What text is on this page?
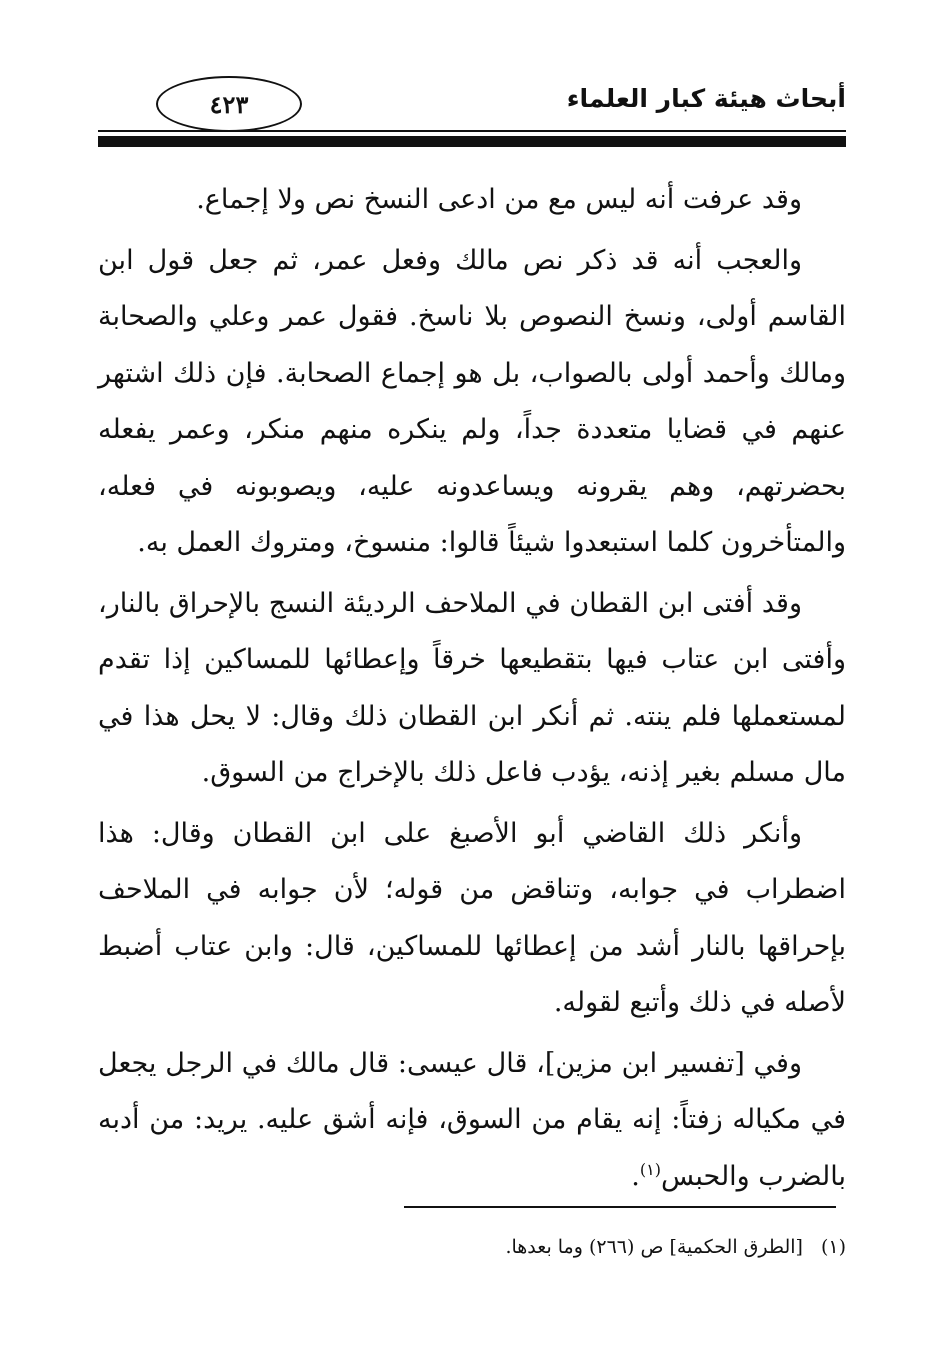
٤٢٣	أبحاث هيئة كبار العلماء

وقد عرفت أنه ليس مع من ادعى النسخ نص ولا إجماع.

والعجب أنه قد ذكر نص مالك وفعل عمر، ثم جعل قول ابن القاسم أولى، ونسخ النصوص بلا ناسخ. فقول عمر وعلي والصحابة ومالك وأحمد أولى بالصواب، بل هو إجماع الصحابة. فإن ذلك اشتهر عنهم في قضايا متعددة جداً، ولم ينكره منهم منكر، وعمر يفعله بحضرتهم، وهم يقرونه ويساعدونه عليه، ويصوبونه في فعله، والمتأخرون كلما استبعدوا شيئاً قالوا: منسوخ، ومتروك العمل به.

وقد أفتى ابن القطان في الملاحف الرديئة النسج بالإحراق بالنار، وأفتى ابن عتاب فيها بتقطيعها خرقاً وإعطائها للمساكين إذا تقدم لمستعملها فلم ينته. ثم أنكر ابن القطان ذلك وقال: لا يحل هذا في مال مسلم بغير إذنه، يؤدب فاعل ذلك بالإخراج من السوق.

وأنكر ذلك القاضي أبو الأصبغ على ابن القطان وقال: هذا اضطراب في جوابه، وتناقض من قوله؛ لأن جوابه في الملاحف بإحراقها بالنار أشد من إعطائها للمساكين، قال: وابن عتاب أضبط لأصله في ذلك وأتبع لقوله.

وفي [تفسير ابن مزين]، قال عيسى: قال مالك في الرجل يجعل في مكياله زفتاً: إنه يقام من السوق، فإنه أشق عليه. يريد: من أدبه بالضرب والحبس$^{(١)}$.

(١)[الطرق الحكمية] ص (٢٦٦) وما بعدها.
